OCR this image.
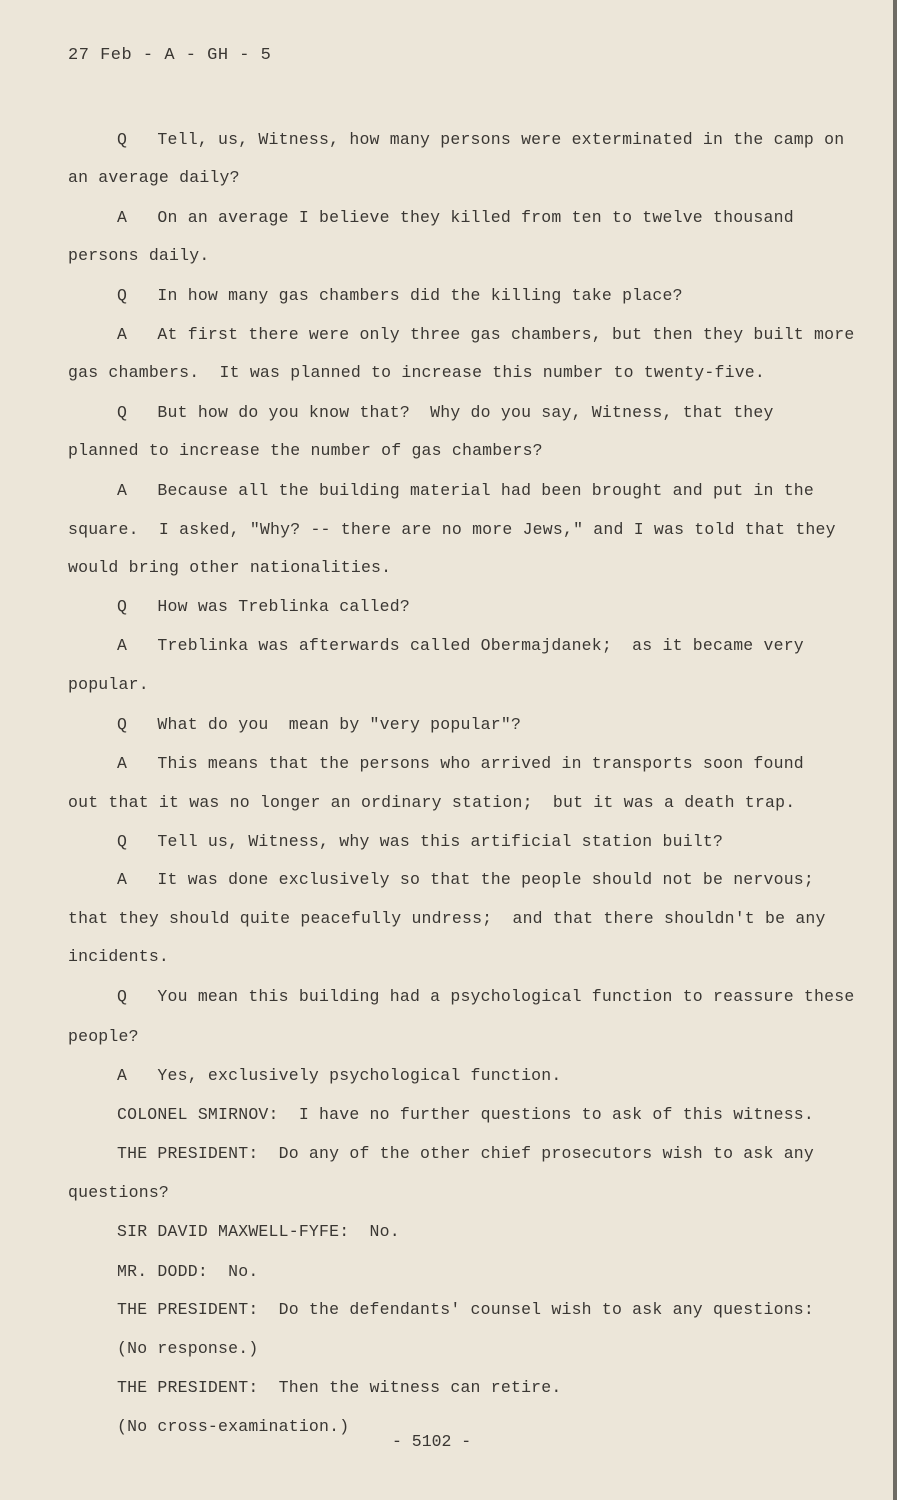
27 Feb - A - GH - 5
Q   Tell, us, Witness, how many persons were exterminated in the camp on
an average daily?
A   On an average I believe they killed from ten to twelve thousand
persons daily.
Q   In how many gas chambers did the killing take place?
A   At first there were only three gas chambers, but then they built more
gas chambers.  It was planned to increase this number to twenty-five.
Q   But how do you know that?  Why do you say, Witness, that they
planned to increase the number of gas chambers?
A   Because all the building material had been brought and put in the
square.  I asked, "Why? -- there are no more Jews," and I was told that they
would bring other nationalities.
Q   How was Treblinka called?
A   Treblinka was afterwards called Obermajdanek;  as it became very
popular.
Q   What do you  mean by "very popular"?
A   This means that the persons who arrived in transports soon found
out that it was no longer an ordinary station;  but it was a death trap.
Q   Tell us, Witness, why was this artificial station built?
A   It was done exclusively so that the people should not be nervous;
that they should quite peacefully undress;  and that there shouldn't be any
incidents.
Q   You mean this building had a psychological function to reassure these
people?
A   Yes, exclusively psychological function.
COLONEL SMIRNOV:  I have no further questions to ask of this witness.
THE PRESIDENT:  Do any of the other chief prosecutors wish to ask any
questions?
SIR DAVID MAXWELL-FYFE:  No.
MR. DODD:  No.
THE PRESIDENT:  Do the defendants' counsel wish to ask any questions:
(No response.)
THE PRESIDENT:  Then the witness can retire.
(No cross-examination.)
- 5102 -
